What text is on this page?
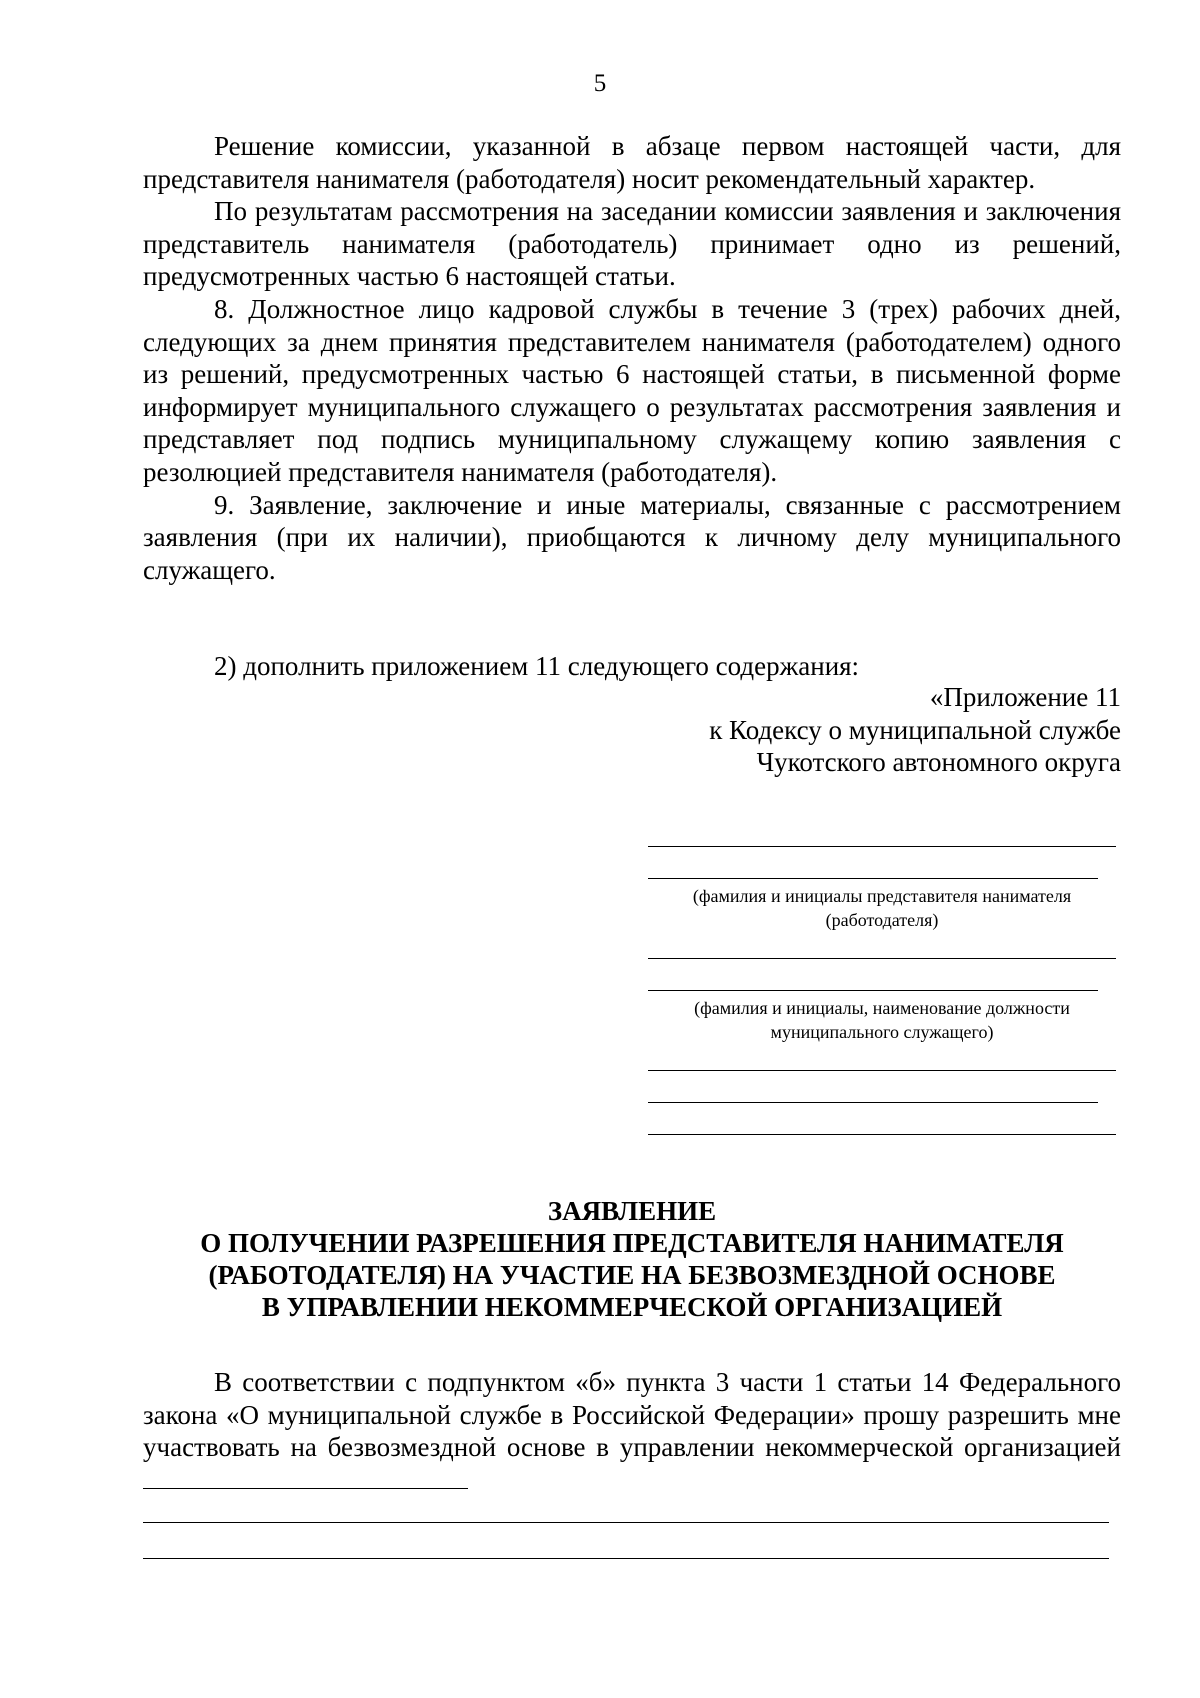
5

Решение комиссии, указанной в абзаце первом настоящей части, для представителя нанимателя (работодателя) носит рекомендательный характер.

По результатам рассмотрения на заседании комиссии заявления и заключения представитель нанимателя (работодатель) принимает одно из решений, предусмотренных частью 6 настоящей статьи.

8. Должностное лицо кадровой службы в течение 3 (трех) рабочих дней, следующих за днем принятия представителем нанимателя (работодателем) одного из решений, предусмотренных частью 6 настоящей статьи, в письменной форме информирует муниципального служащего о результатах рассмотрения заявления и представляет под подпись муниципальному служащему копию заявления с резолюцией представителя нанимателя (работодателя).

9. Заявление, заключение и иные материалы, связанные с рассмотрением заявления (при их наличии), приобщаются к личному делу муниципального служащего.

2) дополнить приложением 11 следующего содержания:

«Приложение 11
к Кодексу о муниципальной службе
Чукотского автономного округа
(фамилия и инициалы представителя нанимателя
(работодателя)
(фамилия и инициалы, наименование должности
муниципального служащего)
ЗАЯВЛЕНИЕ
О ПОЛУЧЕНИИ РАЗРЕШЕНИЯ ПРЕДСТАВИТЕЛЯ НАНИМАТЕЛЯ
(РАБОТОДАТЕЛЯ) НА УЧАСТИЕ НА БЕЗВОЗМЕЗДНОЙ ОСНОВЕ
В УПРАВЛЕНИИ НЕКОММЕРЧЕСКОЙ ОРГАНИЗАЦИЕЙ

В соответствии с подпунктом «б» пункта 3 части 1 статьи 14 Федерального закона «О муниципальной службе в Российской Федерации» прошу разрешить мне участвовать на безвозмездной основе в управлении некоммерческой организацией
